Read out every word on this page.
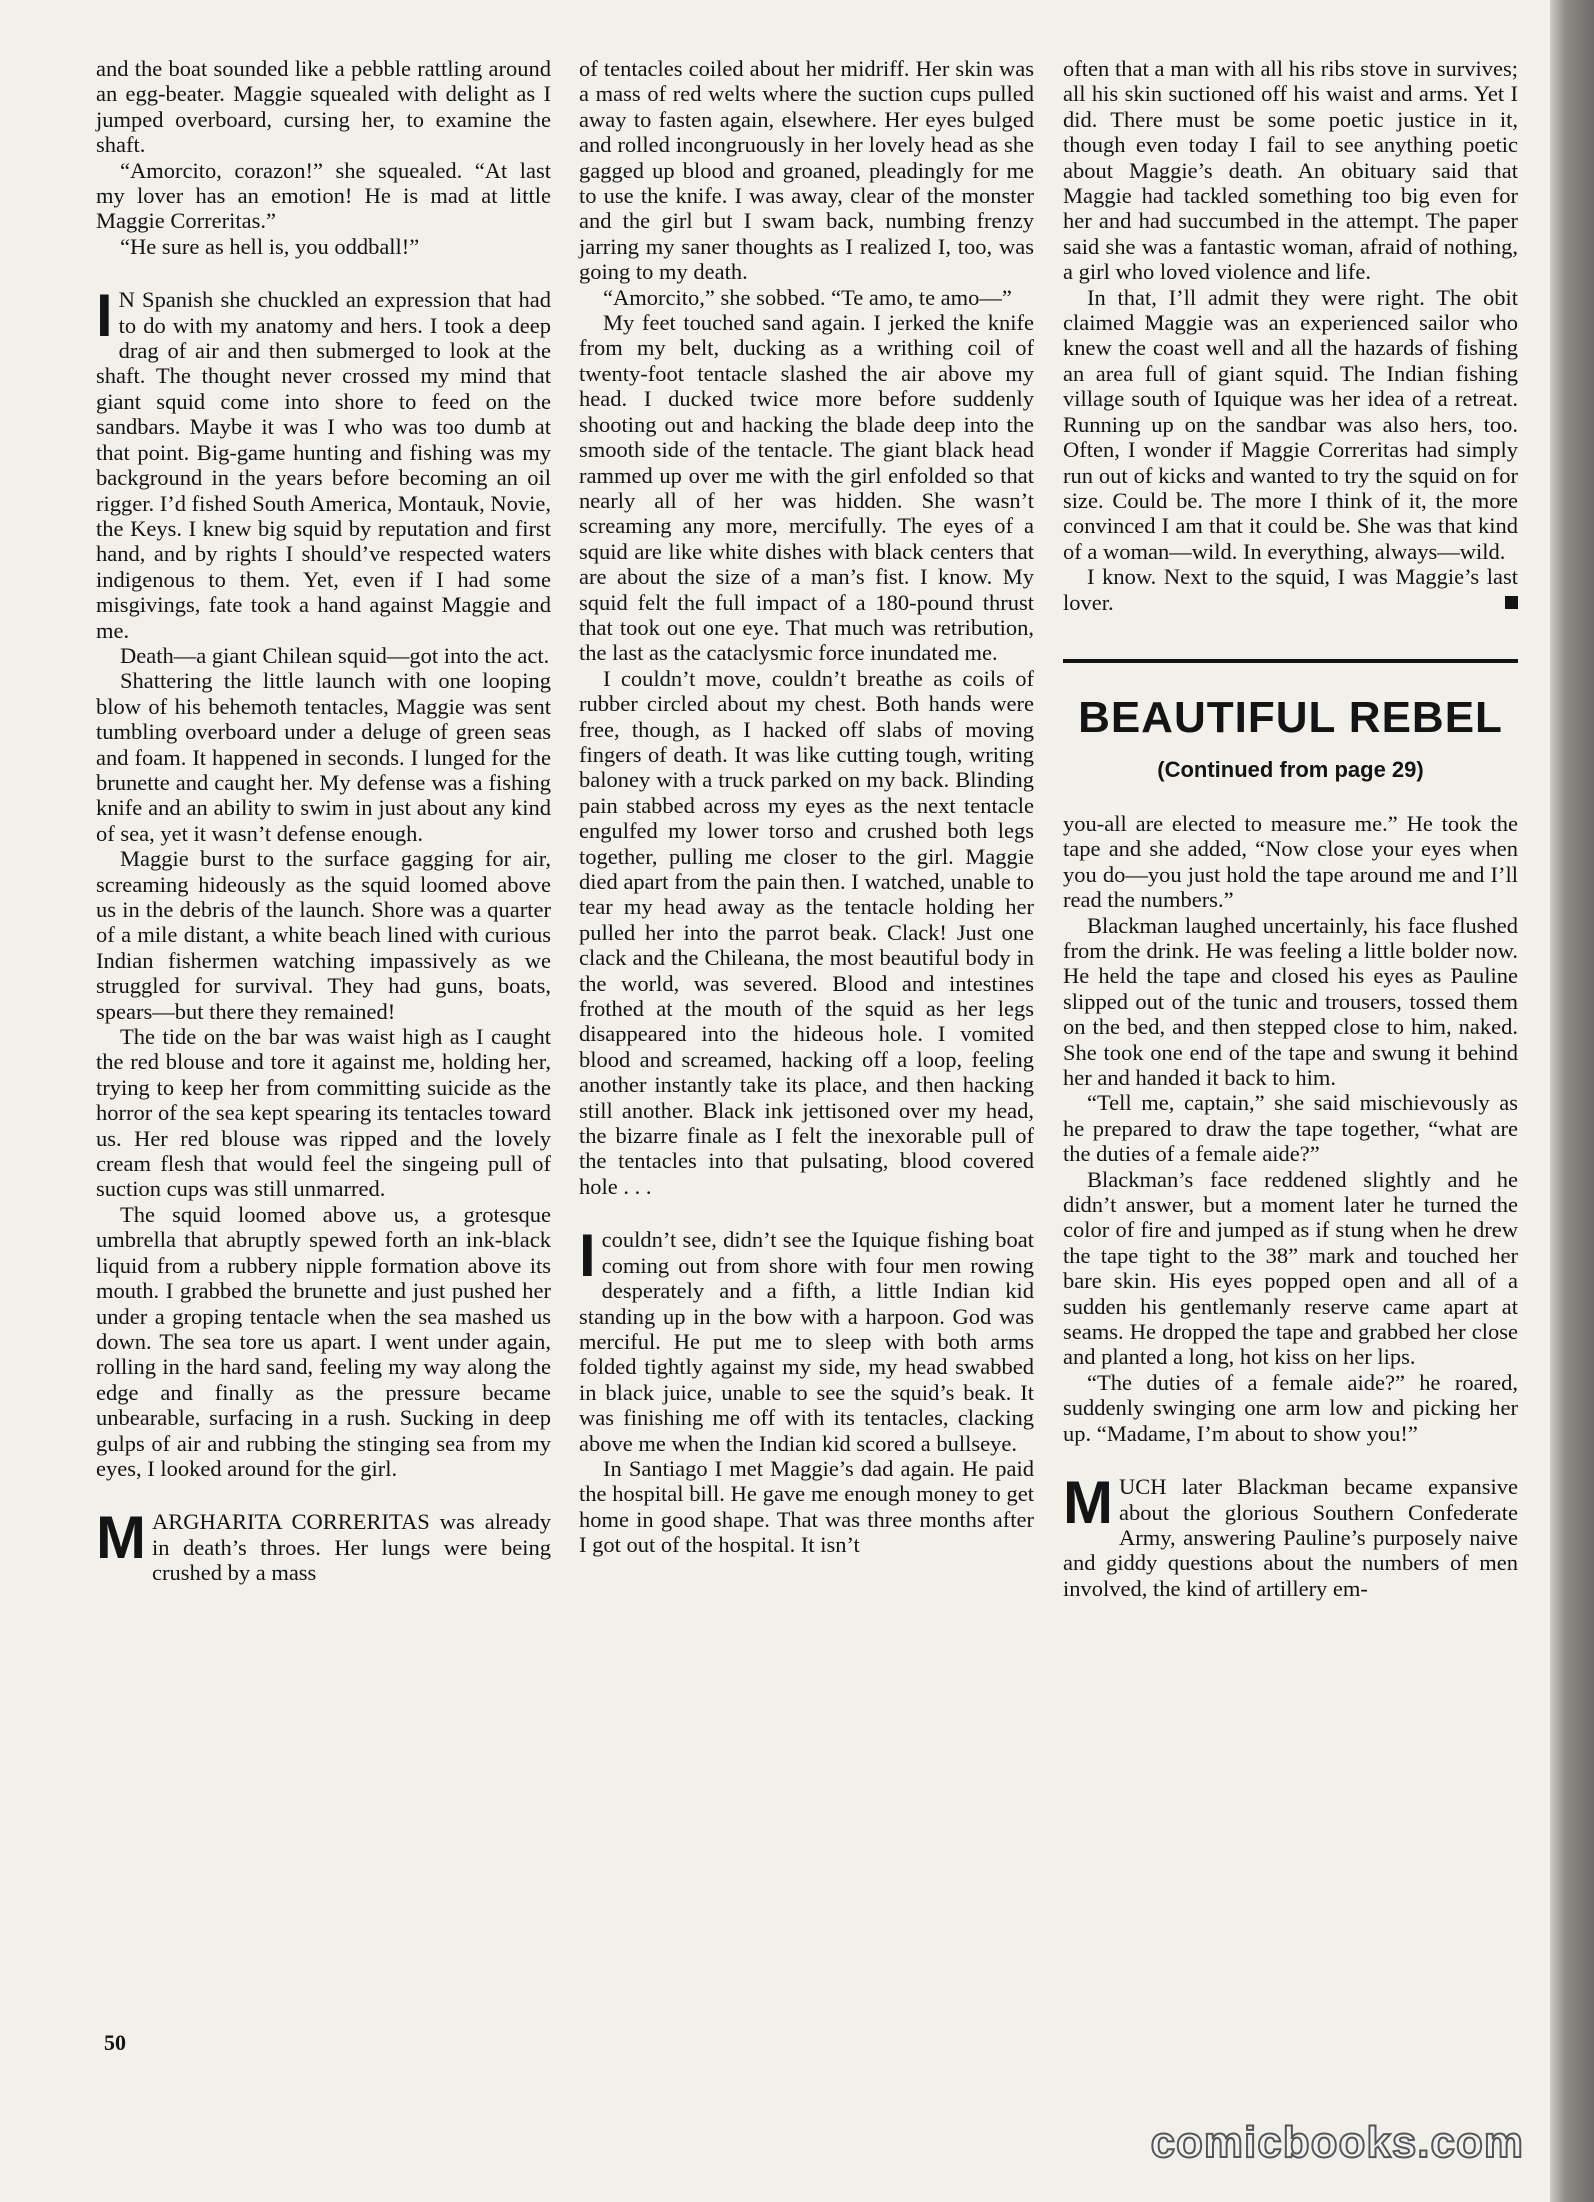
and the boat sounded like a pebble rattling around an egg-beater. Maggie squealed with delight as I jumped overboard, cursing her, to examine the shaft.

“Amorcito, corazon!” she squealed. “At last my lover has an emotion! He is mad at little Maggie Correritas.”

“He sure as hell is, you oddball!”

I N Spanish she chuckled an expression that had to do with my anatomy and hers. I took a deep drag of air and then submerged to look at the shaft. The thought never crossed my mind that giant squid come into shore to feed on the sandbars. Maybe it was I who was too dumb at that point. Big-game hunting and fishing was my background in the years before becoming an oil rigger. I’d fished South America, Montauk, Novie, the Keys. I knew big squid by reputation and first hand, and by rights I should’ve respected waters indigenous to them. Yet, even if I had some misgivings, fate took a hand against Maggie and me.

Death—a giant Chilean squid—got into the act.

Shattering the little launch with one looping blow of his behemoth tentacles, Maggie was sent tumbling overboard under a deluge of green seas and foam. It happened in seconds. I lunged for the brunette and caught her. My defense was a fishing knife and an ability to swim in just about any kind of sea, yet it wasn’t defense enough.

Maggie burst to the surface gagging for air, screaming hideously as the squid loomed above us in the debris of the launch. Shore was a quarter of a mile distant, a white beach lined with curious Indian fishermen watching impassively as we struggled for survival. They had guns, boats, spears—but there they remained!

The tide on the bar was waist high as I caught the red blouse and tore it against me, holding her, trying to keep her from committing suicide as the horror of the sea kept spearing its tentacles toward us. Her red blouse was ripped and the lovely cream flesh that would feel the singeing pull of suction cups was still unmarred.

The squid loomed above us, a grotesque umbrella that abruptly spewed forth an ink-black liquid from a rubbery nipple formation above its mouth. I grabbed the brunette and just pushed her under a groping tentacle when the sea mashed us down. The sea tore us apart. I went under again, rolling in the hard sand, feeling my way along the edge and finally as the pressure became unbearable, surfacing in a rush. Sucking in deep gulps of air and rubbing the stinging sea from my eyes, I looked around for the girl.

MARGHARITA CORRERITAS was already in death’s throes. Her lungs were being crushed by a mass

of tentacles coiled about her midriff. Her skin was a mass of red welts where the suction cups pulled away to fasten again, elsewhere. Her eyes bulged and rolled incongruously in her lovely head as she gagged up blood and groaned, pleadingly for me to use the knife. I was away, clear of the monster and the girl but I swam back, numbing frenzy jarring my saner thoughts as I realized I, too, was going to my death.

“Amorcito,” she sobbed. “Te amo, te amo—”

My feet touched sand again. I jerked the knife from my belt, ducking as a writhing coil of twenty-foot tentacle slashed the air above my head. I ducked twice more before suddenly shooting out and hacking the blade deep into the smooth side of the tentacle. The giant black head rammed up over me with the girl enfolded so that nearly all of her was hidden. She wasn’t screaming any more, mercifully. The eyes of a squid are like white dishes with black centers that are about the size of a man’s fist. I know. My squid felt the full impact of a 180-pound thrust that took out one eye. That much was retribution, the last as the cataclysmic force inundated me.

I couldn’t move, couldn’t breathe as coils of rubber circled about my chest. Both hands were free, though, as I hacked off slabs of moving fingers of death. It was like cutting tough, writing baloney with a truck parked on my back. Blinding pain stabbed across my eyes as the next tentacle engulfed my lower torso and crushed both legs together, pulling me closer to the girl. Maggie died apart from the pain then. I watched, unable to tear my head away as the tentacle holding her pulled her into the parrot beak. Clack! Just one clack and the Chileana, the most beautiful body in the world, was severed. Blood and intestines frothed at the mouth of the squid as her legs disappeared into the hideous hole. I vomited blood and screamed, hacking off a loop, feeling another instantly take its place, and then hacking still another. Black ink jettisoned over my head, the bizarre finale as I felt the inexorable pull of the tentacles into that pulsating, blood covered hole . . .

Icouldn’t see, didn’t see the Iquique fishing boat coming out from shore with four men rowing desperately and a fifth, a little Indian kid standing up in the bow with a harpoon. God was merciful. He put me to sleep with both arms folded tightly against my side, my head swabbed in black juice, unable to see the squid’s beak. It was finishing me off with its tentacles, clacking above me when the Indian kid scored a bullseye.

In Santiago I met Maggie’s dad again. He paid the hospital bill. He gave me enough money to get home in good shape. That was three months after I got out of the hospital. It isn’t

often that a man with all his ribs stove in survives; all his skin suctioned off his waist and arms. Yet I did. There must be some poetic justice in it, though even today I fail to see anything poetic about Maggie’s death. An obituary said that Maggie had tackled something too big even for her and had succumbed in the attempt. The paper said she was a fantastic woman, afraid of nothing, a girl who loved violence and life.

In that, I’ll admit they were right. The obit claimed Maggie was an experienced sailor who knew the coast well and all the hazards of fishing an area full of giant squid. The Indian fishing village south of Iquique was her idea of a retreat. Running up on the sandbar was also hers, too. Often, I wonder if Maggie Correritas had simply run out of kicks and wanted to try the squid on for size. Could be. The more I think of it, the more convinced I am that it could be. She was that kind of a woman—wild. In everything, always—wild.

I know. Next to the squid, I was Maggie’s last lover.

BEAUTIFUL REBEL
(Continued from page 29)

you-all are elected to measure me.” He took the tape and she added, “Now close your eyes when you do—you just hold the tape around me and I’ll read the numbers.”

Blackman laughed uncertainly, his face flushed from the drink. He was feeling a little bolder now. He held the tape and closed his eyes as Pauline slipped out of the tunic and trousers, tossed them on the bed, and then stepped close to him, naked. She took one end of the tape and swung it behind her and handed it back to him.

“Tell me, captain,” she said mischievously as he prepared to draw the tape together, “what are the duties of a female aide?”

Blackman’s face reddened slightly and he didn’t answer, but a moment later he turned the color of fire and jumped as if stung when he drew the tape tight to the 38” mark and touched her bare skin. His eyes popped open and all of a sudden his gentlemanly reserve came apart at seams. He dropped the tape and grabbed her close and planted a long, hot kiss on her lips.

“The duties of a female aide?” he roared, suddenly swinging one arm low and picking her up. “Madame, I’m about to show you!”

MUCH later Blackman became expansive about the glorious Southern Confederate Army, answering Pauline’s purposely naive and giddy questions about the numbers of men involved, the kind of artillery em-

50
comicbooks.com
